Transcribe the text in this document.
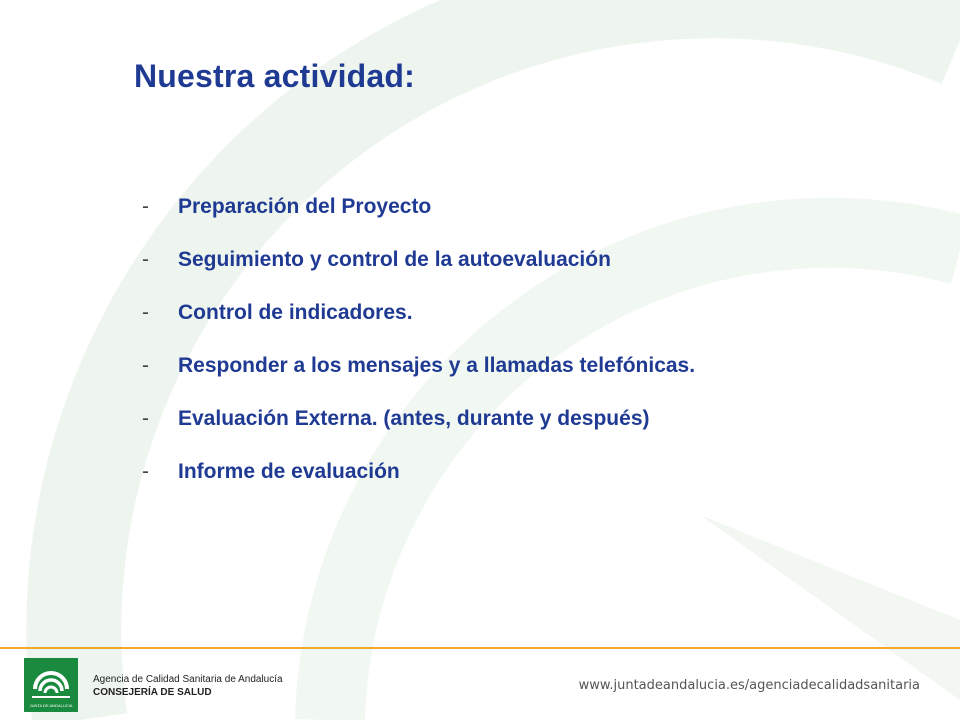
Nuestra actividad:
-	Preparación del Proyecto
-	Seguimiento y control de la autoevaluación
-	Control de indicadores.
-	Responder a los mensajes y a llamadas telefónicas.
-	Evaluación Externa. (antes, durante y después)
-	Informe de evaluación
JUNTA DE ANDALUCIA
Agencia de Calidad Sanitaria de Andalucía
CONSEJERÍA DE SALUD	www.juntadeandalucia.es/agenciadecalidadsanitaria
